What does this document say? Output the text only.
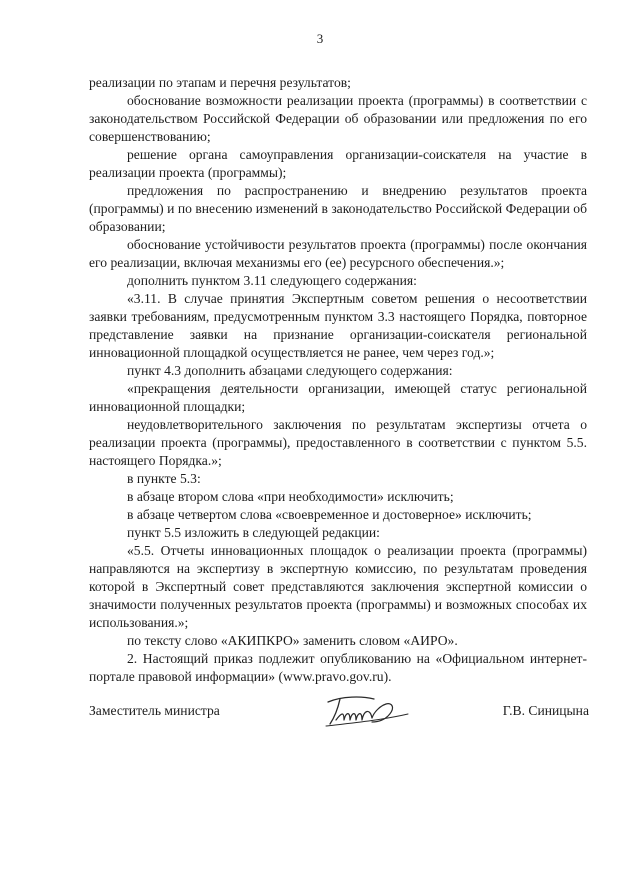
3

реализации по этапам и перечня результатов;

обоснование возможности реализации проекта (программы) в соответствии с законодательством Российской Федерации об образовании или предложения по его совершенствованию;

решение органа самоуправления организации-соискателя на участие в реализации проекта (программы);

предложения по распространению и внедрению результатов проекта (программы) и по внесению изменений в законодательство Российской Федерации об образовании;

обоснование устойчивости результатов проекта (программы) после окончания его реализации, включая механизмы его (ее) ресурсного обеспечения.»;

дополнить пунктом 3.11 следующего содержания:

«3.11. В случае принятия Экспертным советом решения о несоответствии заявки требованиям, предусмотренным пунктом 3.3 настоящего Порядка, повторное представление заявки на признание организации-соискателя региональной инновационной площадкой осуществляется не ранее, чем через год.»;

пункт 4.3 дополнить абзацами следующего содержания:

«прекращения деятельности организации, имеющей статус региональной инновационной площадки;

неудовлетворительного заключения по результатам экспертизы отчета о реализации проекта (программы), предоставленного в соответствии с пунктом 5.5. настоящего Порядка.»;

в пункте 5.3:

в абзаце втором слова «при необходимости» исключить;

в абзаце четвертом слова «своевременное и достоверное» исключить;

пункт 5.5 изложить в следующей редакции:

«5.5. Отчеты инновационных площадок о реализации проекта (программы) направляются на экспертизу в экспертную комиссию, по результатам проведения которой в Экспертный совет представляются заключения экспертной комиссии о значимости полученных результатов проекта (программы) и возможных способах их использования.»;

по тексту слово «АКИПКРО» заменить словом «АИРО».

2. Настоящий приказ подлежит опубликованию на «Официальном интернет-портале правовой информации» (www.pravo.gov.ru).

Заместитель министра	Г.В. Синицына
